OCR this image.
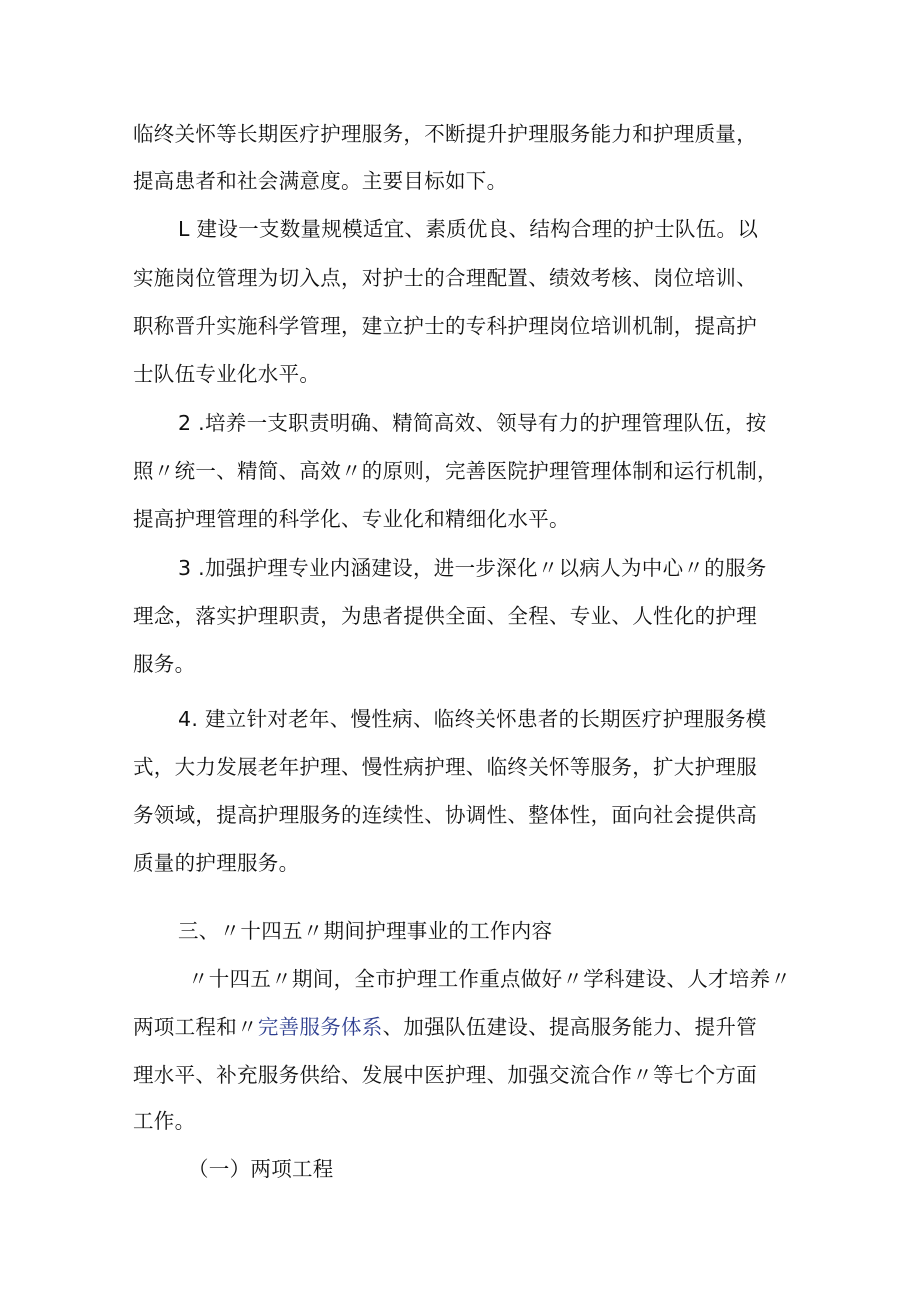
临终关怀等长期医疗护理服务，不断提升护理服务能力和护理质量，
提高患者和社会满意度。主要目标如下。
L 建设一支数量规模适宜、素质优良、结构合理的护士队伍。以
实施岗位管理为切入点，对护士的合理配置、绩效考核、岗位培训、
职称晋升实施科学管理，建立护士的专科护理岗位培训机制，提高护
士队伍专业化水平。
2 .培养一支职责明确、精简高效、领导有力的护理管理队伍，按
照〃统一、精简、高效〃的原则，完善医院护理管理体制和运行机制，
提高护理管理的科学化、专业化和精细化水平。
3 .加强护理专业内涵建设，进一步深化〃以病人为中心〃的服务
理念，落实护理职责，为患者提供全面、全程、专业、人性化的护理
服务。
4. 建立针对老年、慢性病、临终关怀患者的长期医疗护理服务模
式，大力发展老年护理、慢性病护理、临终关怀等服务，扩大护理服
务领域，提高护理服务的连续性、协调性、整体性，面向社会提供高
质量的护理服务。
三、〃十四五〃期间护理事业的工作内容
〃十四五〃期间，全市护理工作重点做好〃学科建设、人才培养〃
两项工程和〃完善服务体系、加强队伍建设、提高服务能力、提升管
理水平、补充服务供给、发展中医护理、加强交流合作〃等七个方面
工作。
（一）两项工程
